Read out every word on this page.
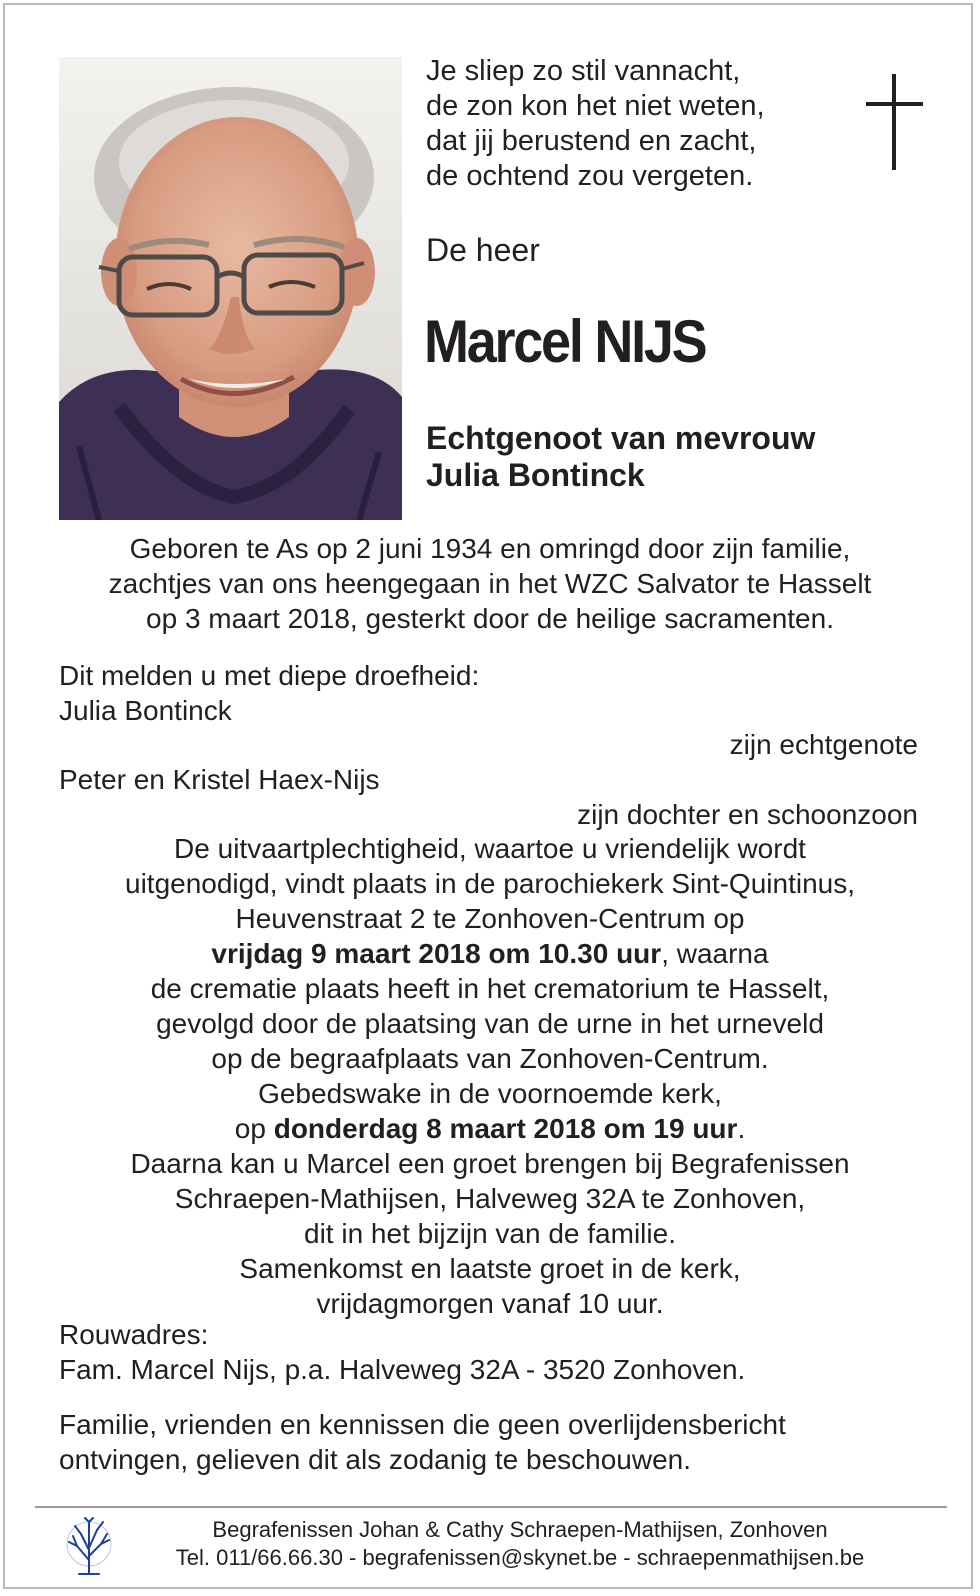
Je sliep zo stil vannacht,
de zon kon het niet weten,
dat jij berustend en zacht,
de ochtend zou vergeten.
De heer
Marcel NIJS
Echtgenoot van mevrouw
Julia Bontinck
Geboren te As op 2 juni 1934 en omringd door zijn familie,
zachtjes van ons heengegaan in het WZC Salvator te Hasselt
op 3 maart 2018, gesterkt door de heilige sacramenten.
Dit melden u met diepe droefheid:
Julia Bontinck
zijn echtgenote
Peter en Kristel Haex-Nijs
zijn dochter en schoonzoon
De uitvaartplechtigheid, waartoe u vriendelijk wordt
uitgenodigd, vindt plaats in de parochiekerk Sint-Quintinus,
Heuvenstraat 2 te Zonhoven-Centrum op
vrijdag 9 maart 2018 om 10.30 uur, waarna
de crematie plaats heeft in het crematorium te Hasselt,
gevolgd door de plaatsing van de urne in het urneveld
op de begraafplaats van Zonhoven-Centrum.
Gebedswake in de voornoemde kerk,
op donderdag 8 maart 2018 om 19 uur.
Daarna kan u Marcel een groet brengen bij Begrafenissen
Schraepen-Mathijsen, Halveweg 32A te Zonhoven,
dit in het bijzijn van de familie.
Samenkomst en laatste groet in de kerk,
vrijdagmorgen vanaf 10 uur.
Rouwadres:
Fam. Marcel Nijs, p.a. Halveweg 32A - 3520 Zonhoven.
Familie, vrienden en kennissen die geen overlijdensbericht
ontvingen, gelieven dit als zodanig te beschouwen.
Begrafenissen Johan & Cathy Schraepen-Mathijsen, Zonhoven
Tel. 011/66.66.30 - begrafenissen@skynet.be - schraepenmathijsen.be
